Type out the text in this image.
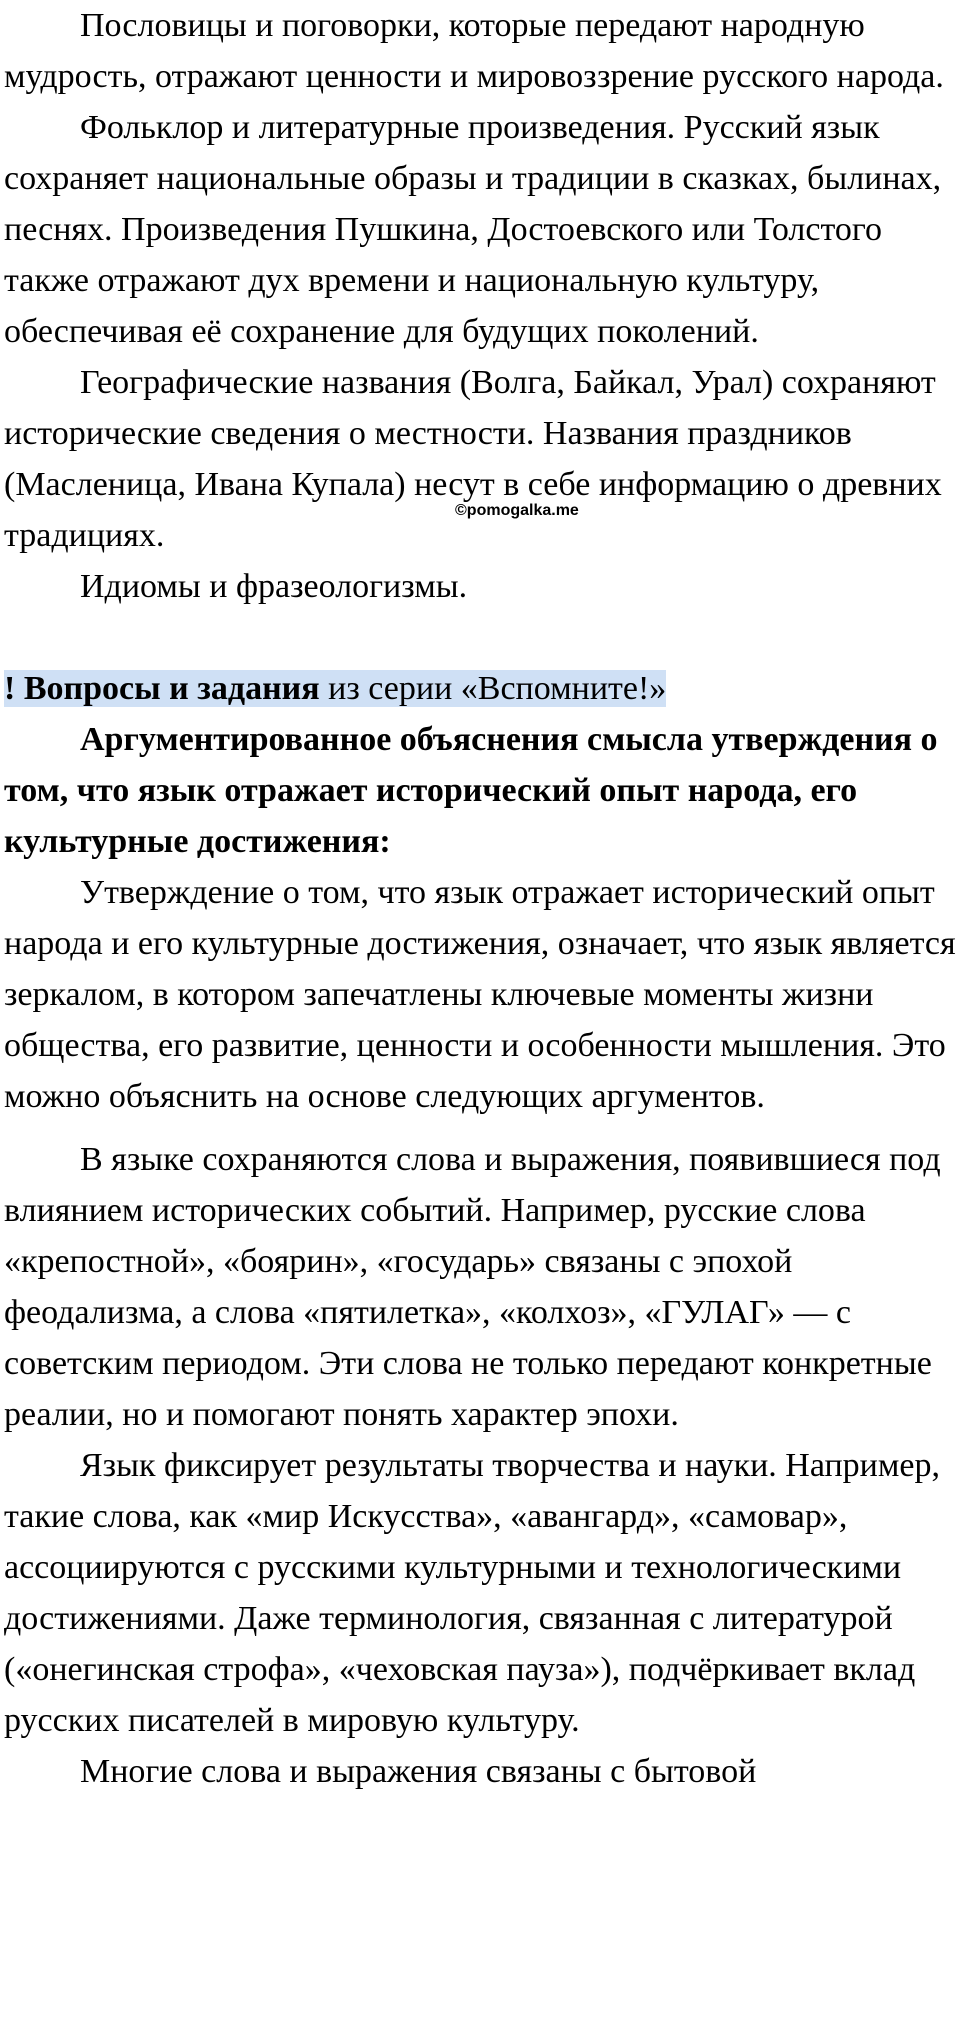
Пословицы и поговорки, которые передают народную мудрость, отражают ценности и мировоззрение русского народа.

Фольклор и литературные произведения. Русский язык сохраняет национальные образы и традиции в сказках, былинах, песнях. Произведения Пушкина, Достоевского или Толстого также отражают дух времени и национальную культуру, обеспечивая её сохранение для будущих поколений.

Географические названия (Волга, Байкал, Урал) сохраняют исторические сведения о местности. Названия праздников (Масленица, Ивана Купала) несут в себе информацию о древних традициях.

Идиомы и фразеологизмы.

! Вопросы и задания из серии «Вспомните!»

Аргументированное объяснения смысла утверждения о том, что язык отражает исторический опыт народа, его культурные достижения:

Утверждение о том, что язык отражает исторический опыт народа и его культурные достижения, означает, что язык является зеркалом, в котором запечатлены ключевые моменты жизни общества, его развитие, ценности и особенности мышления. Это можно объяснить на основе следующих аргументов.

В языке сохраняются слова и выражения, появившиеся под влиянием исторических событий. Например, русские слова «крепостной», «боярин», «государь» связаны с эпохой феодализма, а слова «пятилетка», «колхоз», «ГУЛАГ» — с советским периодом. Эти слова не только передают конкретные реалии, но и помогают понять характер эпохи.

Язык фиксирует результаты творчества и науки. Например, такие слова, как «мир Искусства», «авангард», «самовар», ассоциируются с русскими культурными и технологическими достижениями. Даже терминология, связанная с литературой («онегинская строфа», «чеховская пауза»), подчёркивает вклад русских писателей в мировую культуру.

Многие слова и выражения связаны с бытовой

©pomogalka.me
